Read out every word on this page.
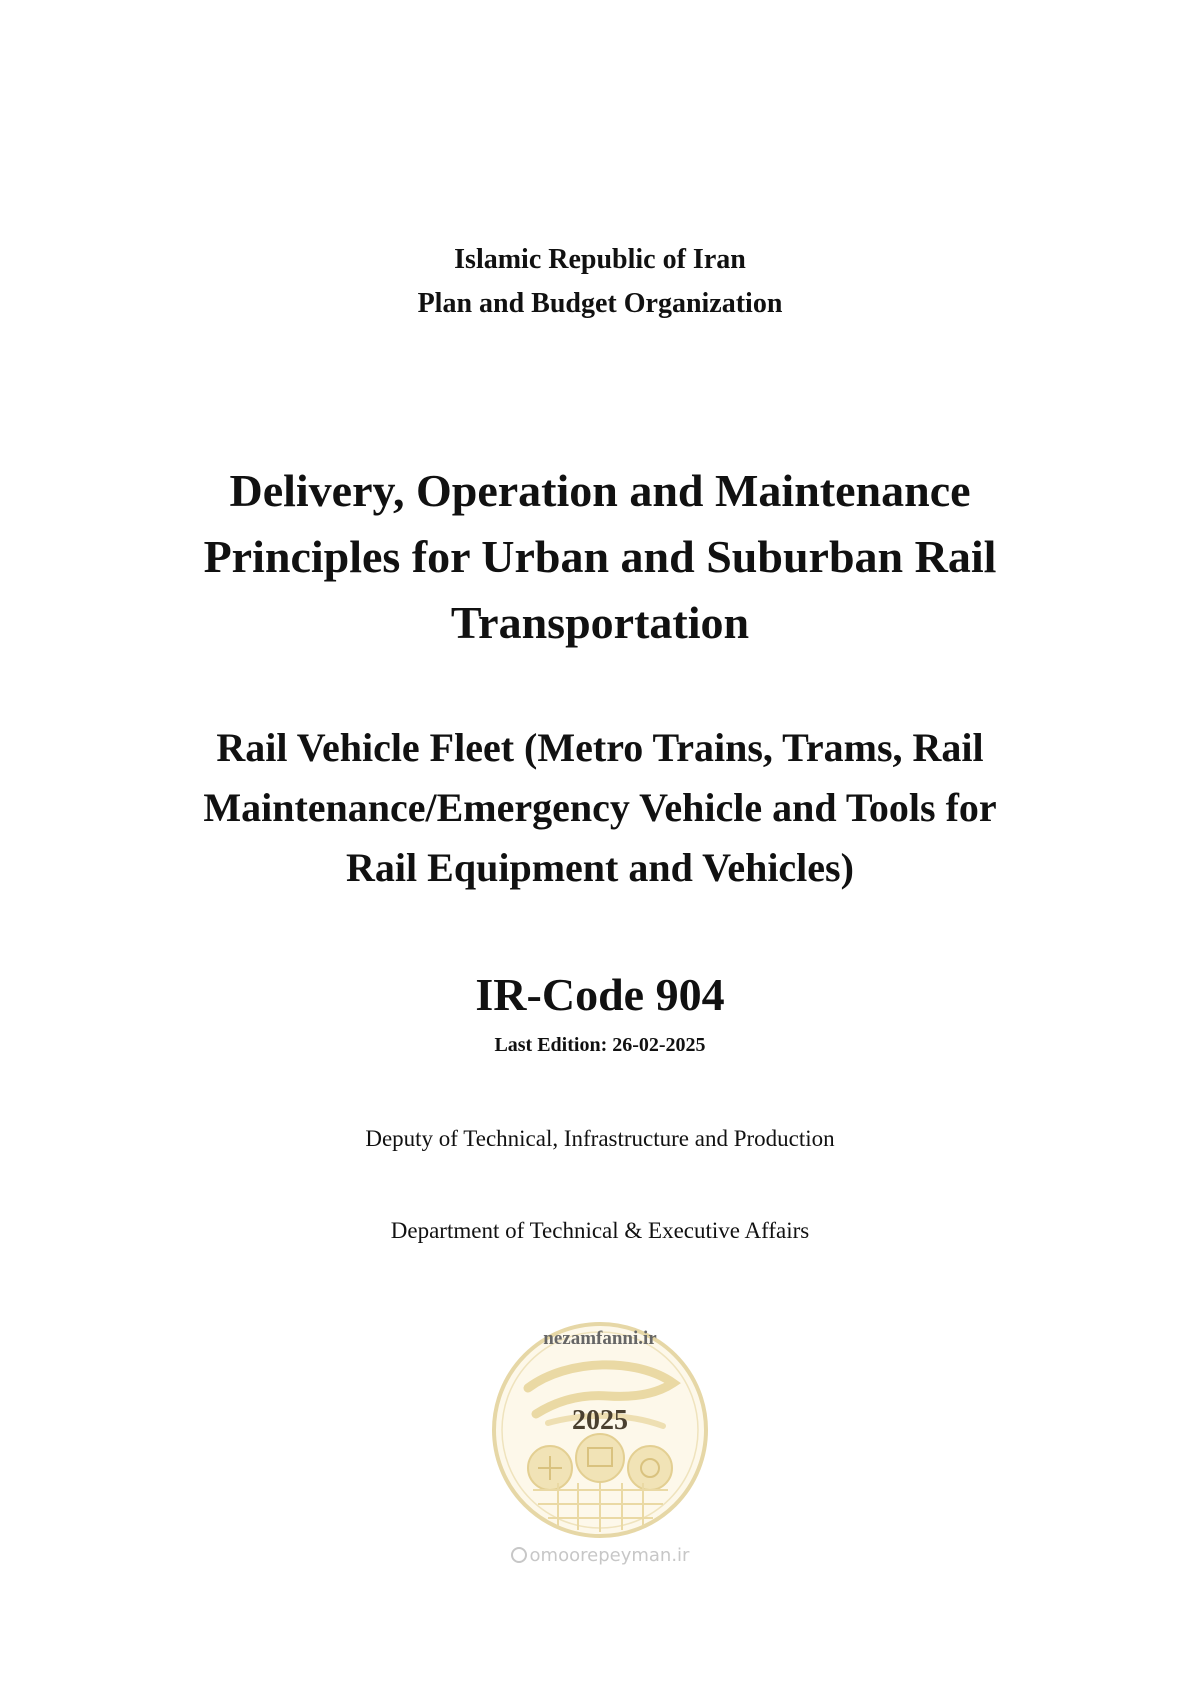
Islamic Republic of Iran
Plan and Budget Organization
Delivery, Operation and Maintenance
Principles for Urban and Suburban Rail
Transportation
Rail Vehicle Fleet (Metro Trains, Trams, Rail
Maintenance/Emergency Vehicle and Tools for
Rail Equipment and Vehicles)
IR-Code 904
Last Edition: 26-02-2025
Deputy of Technical, Infrastructure and Production
Department of Technical & Executive Affairs
nezamfanni.ir
2025
omoorepeyman.ir
